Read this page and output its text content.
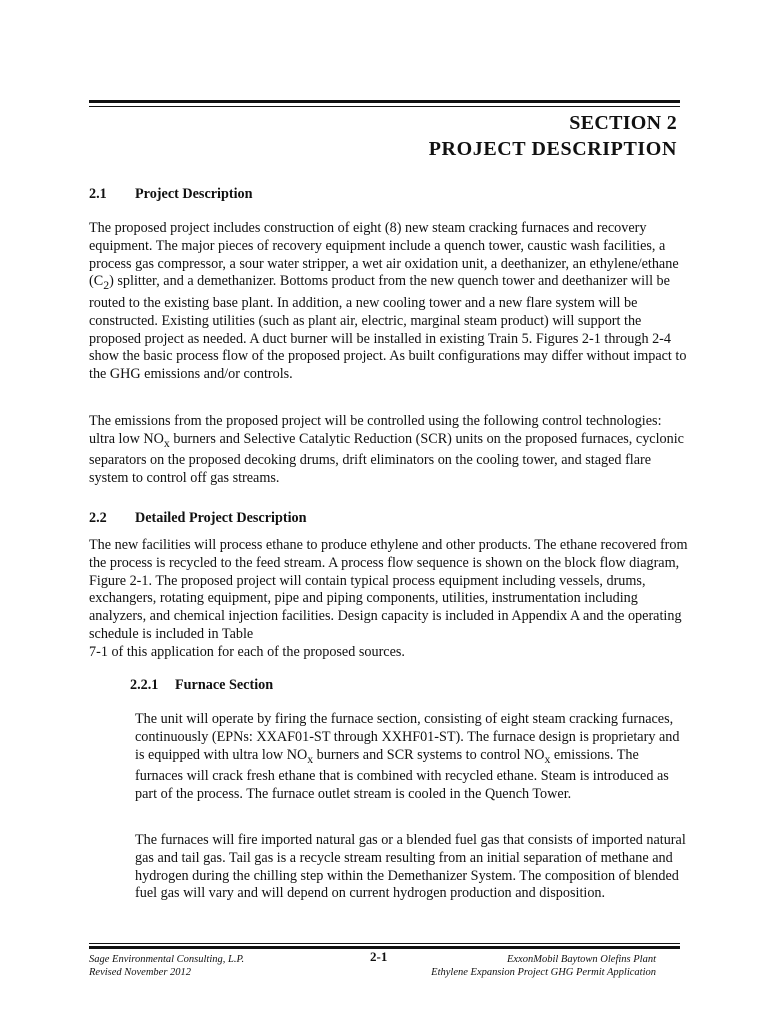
SECTION 2
PROJECT DESCRIPTION
2.1 Project Description
The proposed project includes construction of eight (8) new steam cracking furnaces and recovery equipment. The major pieces of recovery equipment include a quench tower, caustic wash facilities, a process gas compressor, a sour water stripper, a wet air oxidation unit, a deethanizer, an ethylene/ethane $(C_2)$ splitter, and a demethanizer. Bottoms product from the new quench tower and deethanizer will be routed to the existing base plant. In addition, a new cooling tower and a new flare system will be constructed. Existing utilities (such as plant air, electric, marginal steam product) will support the proposed project as needed. A duct burner will be installed in existing Train 5. Figures 2-1 through 2-4 show the basic process flow of the proposed project. As built configurations may differ without impact to the GHG emissions and/or controls.
The emissions from the proposed project will be controlled using the following control technologies: ultra low $NO_x$ burners and Selective Catalytic Reduction (SCR) units on the proposed furnaces, cyclonic separators on the proposed decoking drums, drift eliminators on the cooling tower, and staged flare system to control off gas streams.
2.2 Detailed Project Description
The new facilities will process ethane to produce ethylene and other products. The ethane recovered from the process is recycled to the feed stream. A process flow sequence is shown on the block flow diagram, Figure 2-1. The proposed project will contain typical process equipment including vessels, drums, exchangers, rotating equipment, pipe and piping components, utilities, instrumentation including analyzers, and chemical injection facilities. Design capacity is included in Appendix A and the operating schedule is included in Table
7-1 of this application for each of the proposed sources.
2.2.1 Furnace Section
The unit will operate by firing the furnace section, consisting of eight steam cracking furnaces, continuously (EPNs: XXAF01-ST through XXHF01-ST). The furnace design is proprietary and is equipped with ultra low $NO_x$ burners and SCR systems to control $NO_x$ emissions. The furnaces will crack fresh ethane that is combined with recycled ethane. Steam is introduced as part of the process. The furnace outlet stream is cooled in the Quench Tower.
The furnaces will fire imported natural gas or a blended fuel gas that consists of imported natural gas and tail gas. Tail gas is a recycle stream resulting from an initial separation of methane and hydrogen during the chilling step within the Demethanizer System. The composition of blended fuel gas will vary and will depend on current hydrogen production and disposition.
Sage Environmental Consulting, L.P.
Revised November 2012
2-1	ExxonMobil Baytown Olefins Plant
Ethylene Expansion Project GHG Permit Application
